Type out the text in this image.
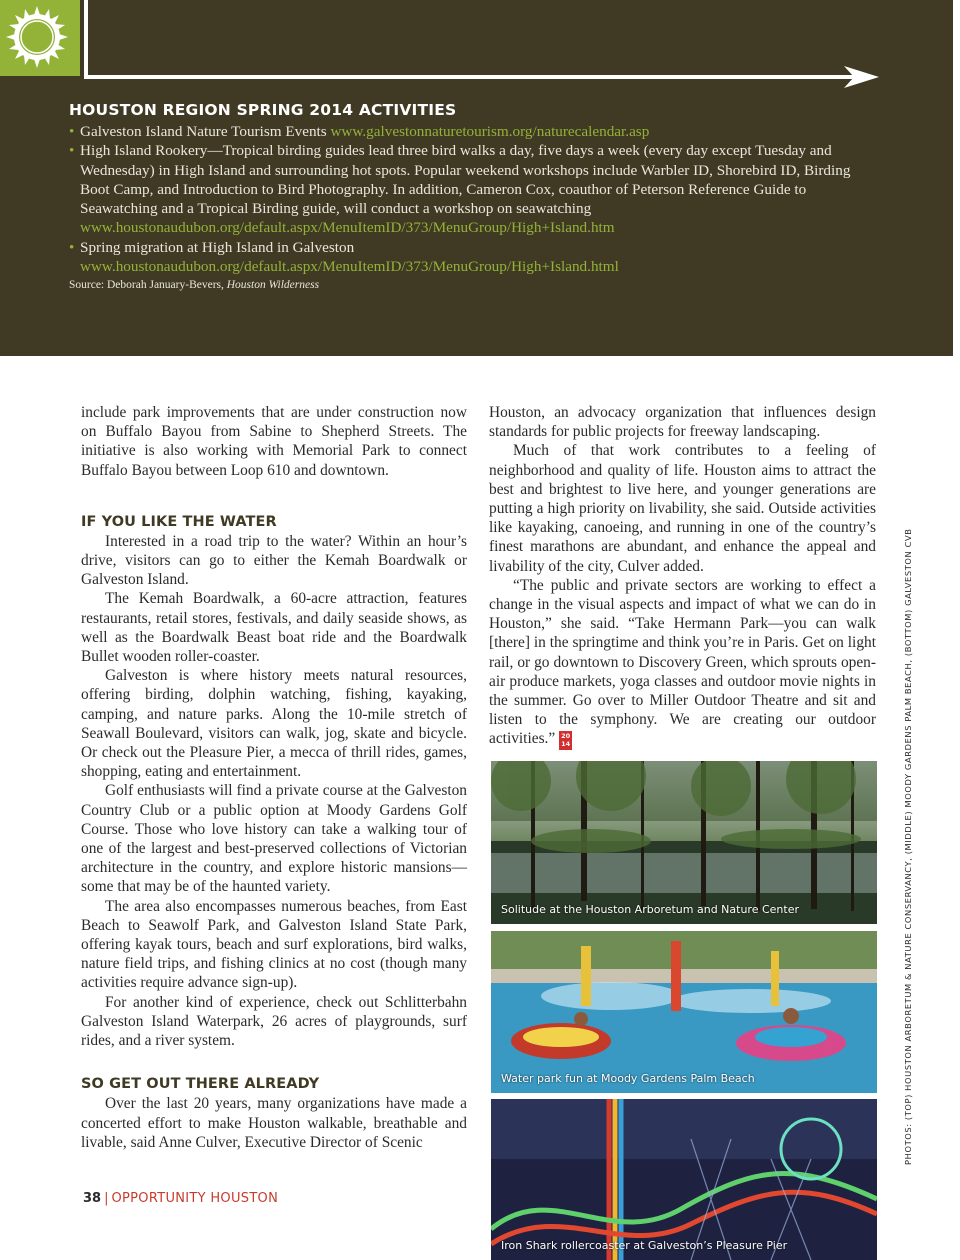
HOUSTON REGION SPRING 2014 ACTIVITIES
• Galveston Island Nature Tourism Events www.galvestonnaturetourism.org/naturecalendar.asp
• High Island Rookery—Tropical birding guides lead three bird walks a day, five days a week (every day except Tuesday and Wednesday) in High Island and surrounding hot spots. Popular weekend workshops include Warbler ID, Shorebird ID, Birding Boot Camp, and Introduction to Bird Photography. In addition, Cameron Cox, coauthor of Peterson Reference Guide to Seawatching and a Tropical Birding guide, will conduct a workshop on seawatching www.houstonaudubon.org/default.aspx/MenuItemID/373/MenuGroup/High+Island.htm
• Spring migration at High Island in Galveston
www.houstonaudubon.org/default.aspx/MenuItemID/373/MenuGroup/High+Island.html
Source: Deborah January-Bevers, Houston Wilderness

include park improvements that are under construction now on Buffalo Bayou from Sabine to Shepherd Streets. The initiative is also working with Memorial Park to connect Buffalo Bayou between Loop 610 and downtown.

IF YOU LIKE THE WATER

Interested in a road trip to the water? Within an hour’s drive, visitors can go to either the Kemah Boardwalk or Galveston Island.

The Kemah Boardwalk, a 60-acre attraction, features restaurants, retail stores, festivals, and daily seaside shows, as well as the Boardwalk Beast boat ride and the Boardwalk Bullet wooden roller-coaster.

Galveston is where history meets natural resources, offering birding, dolphin watching, fishing, kayaking, camping, and nature parks. Along the 10-mile stretch of Seawall Boulevard, visitors can walk, jog, skate and bicycle. Or check out the Pleasure Pier, a mecca of thrill rides, games, shopping, eating and entertainment.

Golf enthusiasts will find a private course at the Galveston Country Club or a public option at Moody Gardens Golf Course. Those who love history can take a walking tour of one of the largest and best-preserved collections of Victorian architecture in the country, and explore historic mansions—some that may be of the haunted variety.

The area also encompasses numerous beaches, from East Beach to Seawolf Park, and Galveston Island State Park, offering kayak tours, beach and surf explorations, bird walks, nature field trips, and fishing clinics at no cost (though many activities require advance sign-up).

For another kind of experience, check out Schlitterbahn Galveston Island Waterpark, 26 acres of playgrounds, surf rides, and a river system.

SO GET OUT THERE ALREADY

Over the last 20 years, many organizations have made a concerted effort to make Houston walkable, breathable and livable, said Anne Culver, Executive Director of Scenic

Houston, an advocacy organization that influences design standards for public projects for freeway landscaping.

Much of that work contributes to a feeling of neighborhood and quality of life. Houston aims to attract the best and brightest to live here, and younger generations are putting a high priority on livability, she said. Outside activities like kayaking, canoeing, and running in one of the country’s finest marathons are abundant, and enhance the appeal and livability of the city, Culver added.

“The public and private sectors are working to effect a change in the visual aspects and impact of what we can do in Houston,” she said. “Take Hermann Park—you can walk [there] in the springtime and think you’re in Paris. Get on light rail, or go downtown to Discovery Green, which sprouts open-air produce markets, yoga classes and outdoor movie nights in the summer. Go over to Miller Outdoor Theatre and sit and listen to the symphony. We are creating our outdoor activities.” 20
14

Solitude at the Houston Arboretum and Nature Center
Water park fun at Moody Gardens Palm Beach
Iron Shark rollercoaster at Galveston’s Pleasure Pier
PHOTOS: (TOP) HOUSTON ARBORETUM & NATURE CONSERVANCY, (MIDDLE) MOODY GARDENS PALM BEACH, (BOTTOM) GALVESTON CVB
38 | OPPORTUNITY HOUSTON
